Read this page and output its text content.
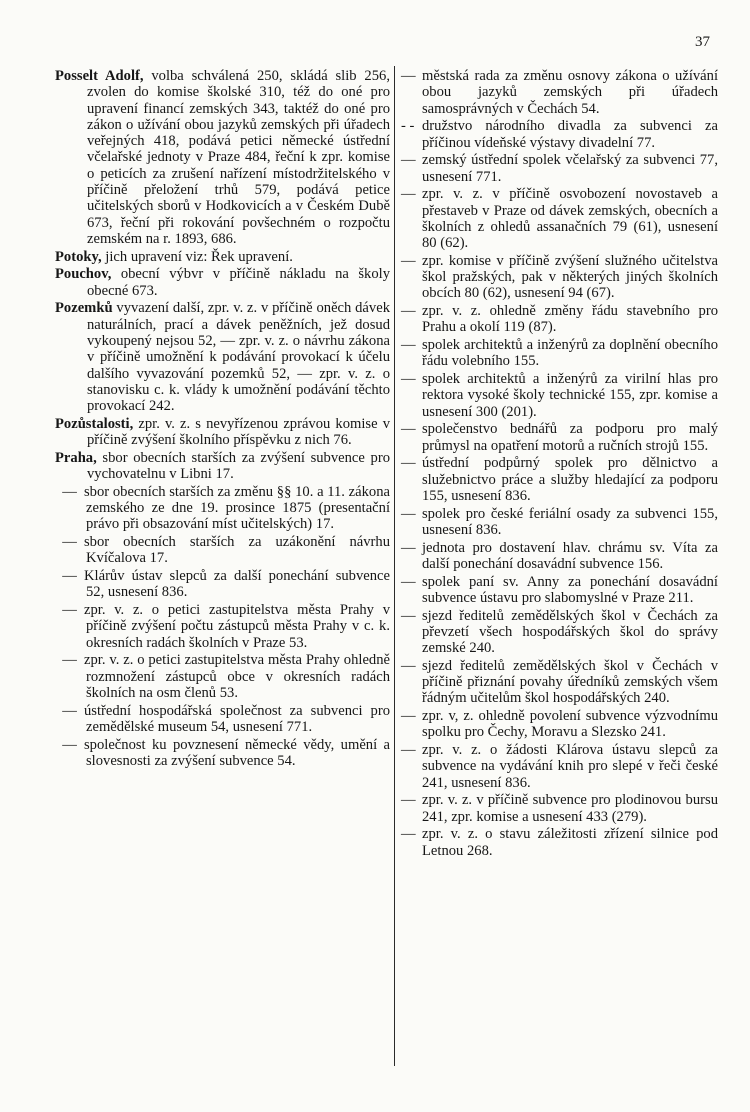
37

Posselt Adolf, volba schválená 250, skládá slib 256, zvolen do komise školské 310, též do oné pro upravení financí zemských 343, taktéž do oné pro zákon o užívání obou jazyků zemských při úřadech veřejných 418, podává petici německé ústřední včelařské jednoty v Praze 484, řeční k zpr. komise o peticích za zrušení nařízení místodržitelského v příčině přeložení trhů 579, podává petice učitelských sborů v Hodkovicích a v Českém Dubě 673, řeční při rokování povšechném o rozpočtu zemském na r. 1893, 686.

Potoky, jich upravení viz: Řek upravení.

Pouchov, obecní výbvr v příčině nákladu na školy obecné 673.

Pozemků vyvazení další, zpr. v. z. v příčině oněch dávek naturálních, prací a dávek peněžních, jež dosud vykoupený nejsou 52, — zpr. v. z. o návrhu zákona v příčině umožnění k podávání provokací k účelu dalšího vyvazování pozemků 52, — zpr. v. z. o stanovisku c. k. vlády k umožnění podávání těchto provokací 242.

Pozůstalosti, zpr. v. z. s nevyřízenou zprávou komise v příčině zvýšení školního příspěvku z nich 76.

Praha, sbor obecních starších za zvýšení subvence pro vychovatelnu v Libni 17.

— sbor obecních starších za změnu §§ 10. a 11. zákona zemského ze dne 19. prosince 1875 (presentační právo při obsazování míst učitelských) 17.

— sbor obecních starších za uzákonění návrhu Kvíčalova 17.

— Klárův ústav slepců za další ponechání subvence 52, usnesení 836.

— zpr. v. z. o petici zastupitelstva města Prahy v příčině zvýšení počtu zástupců města Prahy v c. k. okresních radách školních v Praze 53.

— zpr. v. z. o petici zastupitelstva města Prahy ohledně rozmnožení zástupců obce v okresních radách školních na osm členů 53.

— ústřední hospodářská společnost za subvenci pro zemědělské museum 54, usnesení 771.

— společnost ku povznesení německé vědy, umění a slovesnosti za zvýšení subvence 54.

— městská rada za změnu osnovy zákona o užívání obou jazyků zemských při úřadech samosprávných v Čechách 54.

- - družstvo národního divadla za subvenci za příčinou vídeňské výstavy divadelní 77.

— zemský ústřední spolek včelařský za subvenci 77, usnesení 771.

— zpr. v. z. v příčině osvobození novostaveb a přestaveb v Praze od dávek zemských, obecních a školních z ohledů assanačních 79 (61), usnesení 80 (62).

— zpr. komise v příčině zvýšení služného učitelstva škol pražských, pak v některých jiných školních obcích 80 (62), usnesení 94 (67).

— zpr. v. z. ohledně změny řádu stavebního pro Prahu a okolí 119 (87).

— spolek architektů a inženýrů za doplnění obecního řádu volebního 155.

— spolek architektů a inženýrů za virilní hlas pro rektora vysoké školy technické 155, zpr. komise a usnesení 300 (201).

— společenstvo bednářů za podporu pro malý průmysl na opatření motorů a ručních strojů 155.

— ústřední podpůrný spolek pro dělnictvo a služebnictvo práce a služby hledající za podporu 155, usnesení 836.

— spolek pro české feriální osady za subvenci 155, usnesení 836.

— jednota pro dostavení hlav. chrámu sv. Víta za další ponechání dosavádní subvence 156.

— spolek paní sv. Anny za ponechání dosavádní subvence ústavu pro slabomyslné v Praze 211.

— sjezd ředitelů zemědělských škol v Čechách za převzetí všech hospodářských škol do správy zemské 240.

— sjezd ředitelů zemědělských škol v Čechách v příčině přiznání povahy úředníků zemských všem řádným učitelům škol hospodářských 240.

— zpr. v, z. ohledně povolení subvence výzvodnímu spolku pro Čechy, Moravu a Slezsko 241.

— zpr. v. z. o žádosti Klárova ústavu slepců za subvence na vydávání knih pro slepé v řeči české 241, usnesení 836.

— zpr. v. z. v příčině subvence pro plodinovou bursu 241, zpr. komise a usnesení 433 (279).

— zpr. v. z. o stavu záležitosti zřízení silnice pod Letnou 268.
